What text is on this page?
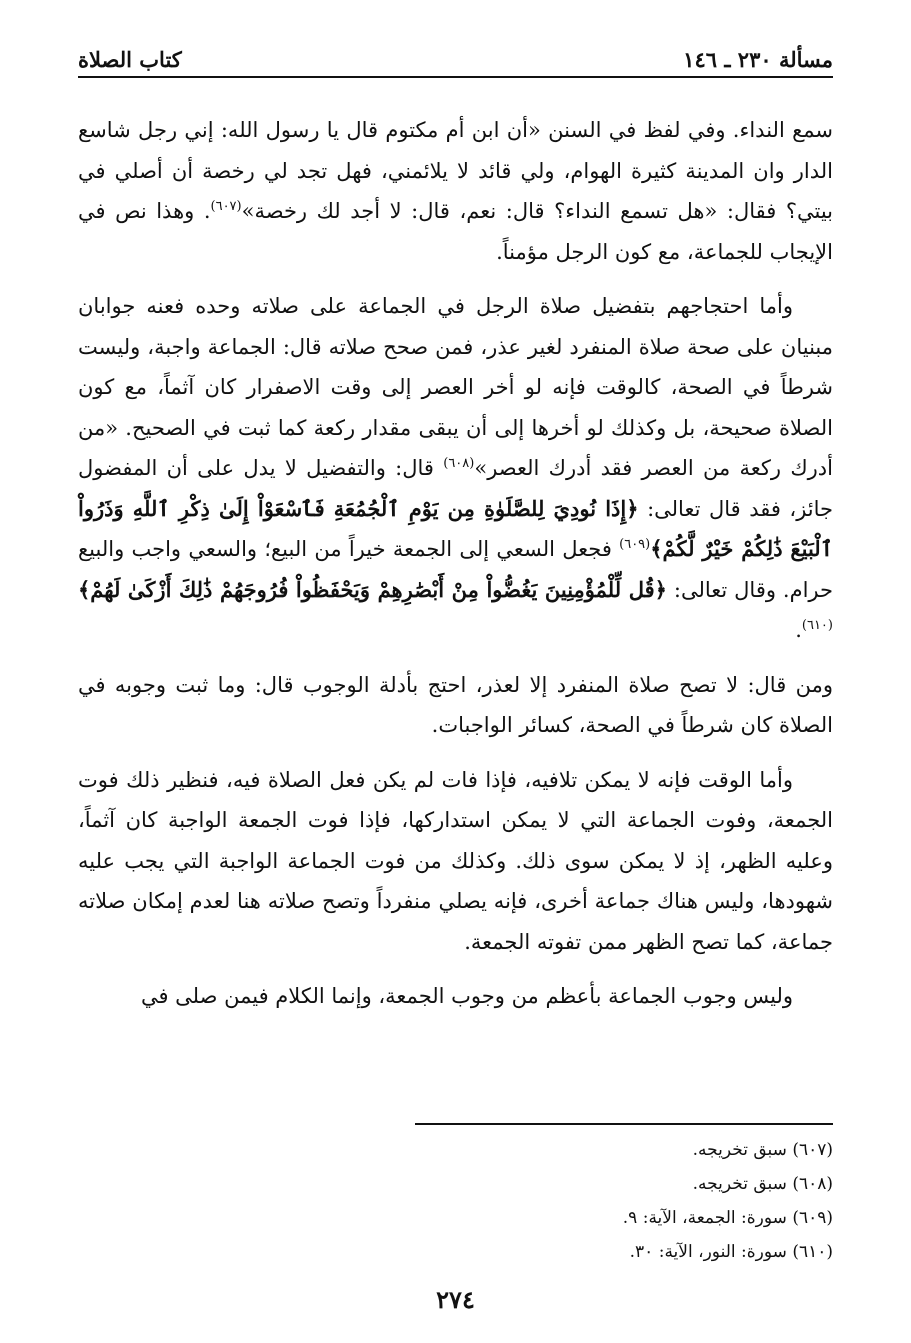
مسألة ٢٣٠ ـ ١٤٦
كتاب الصلاة

سمع النداء. وفي لفظ في السنن «أن ابن أم مكتوم قال يا رسول الله: إني رجل شاسع الدار وان المدينة كثيرة الهوام، ولي قائد لا يلائمني، فهل تجد لي رخصة أن أصلي في بيتي؟ فقال: «هل تسمع النداء؟ قال: نعم، قال: لا أجد لك رخصة»$^{(٦٠٧)}$. وهذا نص في الإيجاب للجماعة، مع كون الرجل مؤمناً.

وأما احتجاجهم بتفضيل صلاة الرجل في الجماعة على صلاته وحده فعنه جوابان مبنيان على صحة صلاة المنفرد لغير عذر، فمن صحح صلاته قال: الجماعة واجبة، وليست شرطاً في الصحة، كالوقت فإنه لو أخر العصر إلى وقت الاصفرار كان آثماً، مع كون الصلاة صحيحة، بل وكذلك لو أخرها إلى أن يبقى مقدار ركعة كما ثبت في الصحيح. «من أدرك ركعة من العصر فقد أدرك العصر»$^{(٦٠٨)}$ قال: والتفضيل لا يدل على أن المفضول جائز، فقد قال تعالى: ﴿إِذَا نُودِيَ لِلصَّلَوٰةِ مِن يَوْمِ ٱلْجُمُعَةِ فَٱسْعَوْاْ إِلَىٰ ذِكْرِ ٱللَّهِ وَذَرُواْ ٱلْبَيْعَ ذَٰلِكُمْ خَيْرٌ لَّكُمْ﴾$^{(٦٠٩)}$ فجعل السعي إلى الجمعة خيراً من البيع؛ والسعي واجب والبيع حرام. وقال تعالى: ﴿قُل لِّلْمُؤْمِنِينَ يَغُضُّواْ مِنْ أَبْصَٰرِهِمْ وَيَحْفَظُواْ فُرُوجَهُمْ ذَٰلِكَ أَزْكَىٰ لَهُمْ﴾$^{(٦١٠)}$.

ومن قال: لا تصح صلاة المنفرد إلا لعذر، احتج بأدلة الوجوب قال: وما ثبت وجوبه في الصلاة كان شرطاً في الصحة، كسائر الواجبات.

وأما الوقت فإنه لا يمكن تلافيه، فإذا فات لم يكن فعل الصلاة فيه، فنظير ذلك فوت الجمعة، وفوت الجماعة التي لا يمكن استداركها، فإذا فوت الجمعة الواجبة كان آثماً، وعليه الظهر، إذ لا يمكن سوى ذلك. وكذلك من فوت الجماعة الواجبة التي يجب عليه شهودها، وليس هناك جماعة أخرى، فإنه يصلي منفرداً وتصح صلاته هنا لعدم إمكان صلاته جماعة، كما تصح الظهر ممن تفوته الجمعة.

وليس وجوب الجماعة بأعظم من وجوب الجمعة، وإنما الكلام فيمن صلى في

(٦٠٧) سبق تخريجه.
(٦٠٨) سبق تخريجه.
(٦٠٩) سورة: الجمعة، الآية: ٩.
(٦١٠) سورة: النور، الآية: ٣٠.
٢٧٤
